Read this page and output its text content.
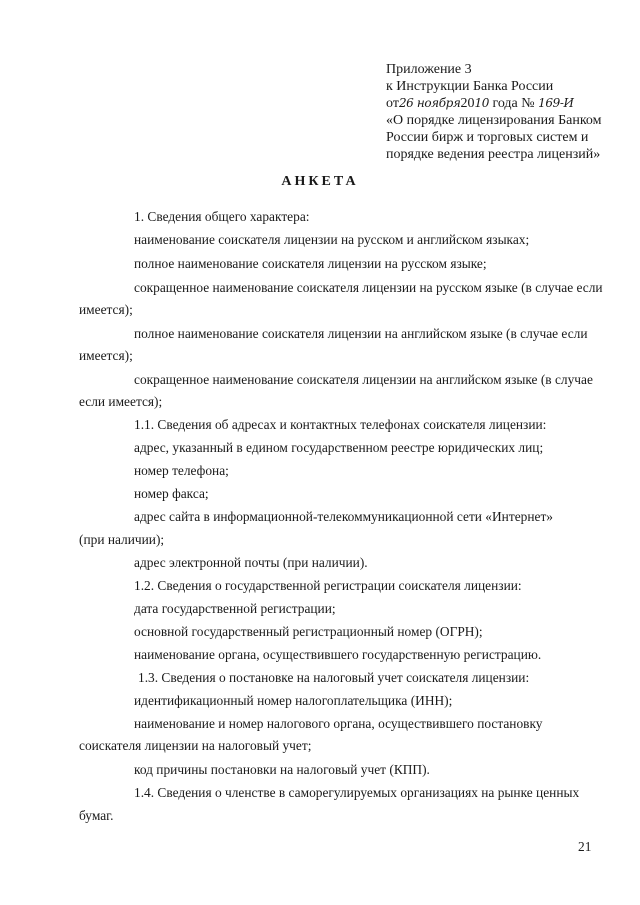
Приложение 3
к Инструкции Банка России
от26 ноября2010 года № 169-И
«О порядке лицензирования Банком
России бирж и торговых систем и
порядке ведения реестра лицензий»
АНКЕТА
1. Сведения общего характера:
наименование соискателя лицензии на русском и английском языках;
полное наименование соискателя лицензии на русском языке;
сокращенное наименование соискателя лицензии на русском языке (в случае если
имеется);
полное наименование соискателя лицензии на английском языке (в случае если
имеется);
сокращенное наименование соискателя лицензии на английском языке (в случае
если имеется);
1.1. Сведения об адресах и контактных телефонах соискателя лицензии:
адрес, указанный в едином государственном реестре юридических лиц;
номер телефона;
номер факса;
адрес сайта в информационной-телекоммуникационной сети «Интернет»
(при наличии);
адрес электронной почты (при наличии).
1.2. Сведения о государственной регистрации соискателя лицензии:
дата государственной регистрации;
основной государственный регистрационный номер (ОГРН);
наименование органа, осуществившего государственную регистрацию.
1.3. Сведения о постановке на налоговый учет соискателя лицензии:
идентификационный номер налогоплательщика (ИНН);
наименование и номер налогового органа, осуществившего постановку
соискателя лицензии на налоговый учет;
код причины постановки на налоговый учет (КПП).
1.4. Сведения о членстве в саморегулируемых организациях на рынке ценных
бумаг.
21
